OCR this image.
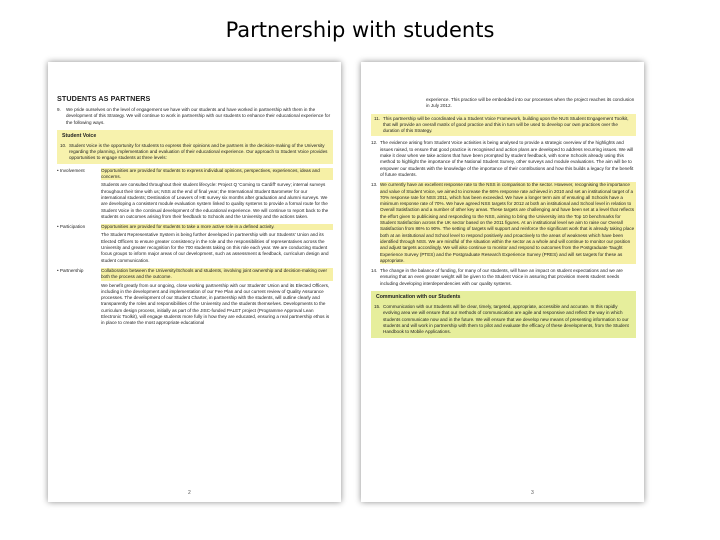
Partnership with students
STUDENTS AS PARTNERS
9.	We pride ourselves on the level of engagement we have with our students and have worked in partnership with them in the development of this Strategy. We will continue to work in partnership with our students to enhance their educational experience for the following ways.
Student Voice
10. Student Voice is the opportunity for students to express their opinions and be partners in the decision-making of the University regarding the planning, implementation and evaluation of their educational experience. Our approach to Student Voice provides opportunities to engage students at three levels:
• Involvement	Opportunities are provided for students to express individual opinions, perspectives, experiences, ideas and concerns.
Students are consulted throughout their student lifecycle: Project Q 'Coming to Cardiff' survey; internal surveys throughout their time with us; NSS at the end of final year; the International Student Barometer for our international students; Destination of Leavers of HE survey six months after graduation and alumni surveys. We are developing a consistent module evaluation system linked to quality systems to provide a formal route for the Student Voice in the continual development of the educational experience. We will continue to report back to the students on outcomes arising from their feedback to Schools and the University and the actions taken.
• Participation	Opportunities are provided for students to take a more active role in a defined activity.
The Student Representative System is being further developed in partnership with our Students' Union and its Elected Officers to ensure greater consistency in the role and the responsibilities of representatives across the University and greater recognition for the 700 students taking on this role each year. We are conducting student focus groups to inform major areas of our development, such as assessment & feedback, curriculum design and student communication.
• Partnership	Collaboration between the University/Schools and students, involving joint ownership and decision-making over both the process and the outcome.
We benefit greatly from our ongoing, close working partnership with our Students' Union and its Elected Officers, including in the development and implementation of our Fee Plan and our current review of Quality Assurance processes. The development of our Student Charter, in partnership with the students, will outline clearly and transparently the roles and responsibilities of the University and the students themselves. Developments to the curriculum design process, initially as part of the JISC-funded PALET project (Programme Approval Lean Electronic Toolkit), will engage students more fully in how they are educated, ensuring a real partnership ethos is in place to create the most appropriate educational
2
experience. This practice will be embedded into our processes when the project reaches its conclusion in July 2012.
11. This partnership will be coordinated via a Student Voice Framework, building upon the NUS Student Engagement Toolkit, that will provide an overall matrix of good practice and this in turn will be used to develop our own practices over the duration of this Strategy.
12. The evidence arising from Student Voice activities is being analysed to provide a strategic overview of the highlights and issues raised, to ensure that good practice is recognised and action plans are developed to address recurring issues. We will make it clear when we take actions that have been prompted by student feedback, with some Schools already using this method to highlight the importance of the National Student Survey, other surveys and module evaluations. The aim will be to empower our students with the knowledge of the importance of their contributions and how this builds a legacy for the benefit of future students.
13. We currently have an excellent response rate to the NSS in comparison to the sector. However, recognising the importance and value of Student Voice, we aimed to increase the 66% response rate achieved in 2010 and set an institutional target of a 70% response rate for NSS 2011, which has been exceeded. We have a longer term aim of ensuring all Schools have a minimum response rate of 70%. We have agreed NSS targets for 2012 at both an institutional and School level in relation to Overall Satisfaction and a number of other key areas. These targets are challenging and have been set at a level that reflects the effort given to publicising and responding to the NSS, aiming to bring the University into the Top 10 benchmarks for Student Satisfaction across the UK sector based on the 2011 figures. At an institutional level we aim to raise our Overall Satisfaction from 86% to 90%. The setting of targets will support and reinforce the significant work that is already taking place both at an institutional and School level to respond positively and proactively to the areas of weakness which have been identified through NSS. We are mindful of the situation within the sector as a whole and will continue to monitor our position and adjust targets accordingly. We will also continue to monitor and respond to outcomes from the Postgraduate Taught Experience Survey (PTES) and the Postgraduate Research Experience Survey (PRES) and will set targets for these as appropriate.
14. The change in the balance of funding, for many of our students, will have an impact on student expectations and we are ensuring that an even greater weight will be given to the Student Voice in assuring that provision meets student needs including developing interdependencies with our quality systems.
Communication with our Students
15. Communication with our Students will be clear, timely, targeted, appropriate, accessible and accurate. In this rapidly evolving area we will ensure that our methods of communication are agile and responsive and reflect the way in which students communicate now and in the future. We will ensure that we develop new means of presenting information to our students and will work in partnership with them to pilot and evaluate the efficacy of these developments, from the Student Handbook to Mobile Applications.
3
